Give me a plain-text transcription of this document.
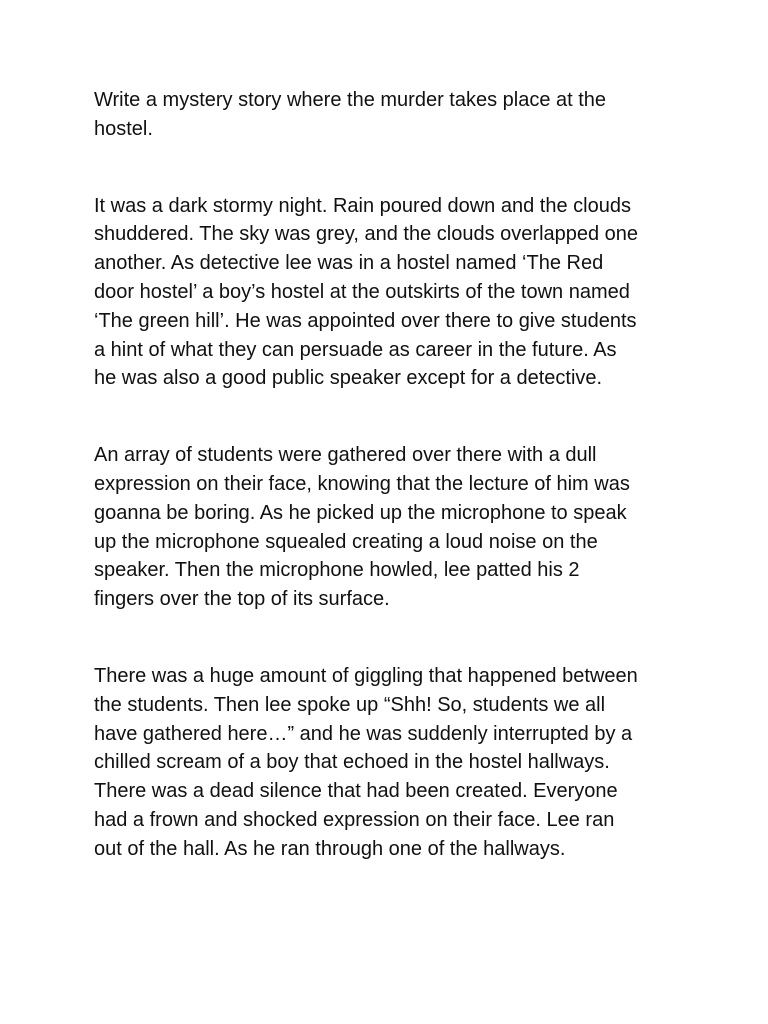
Write a mystery story where the murder takes place at the
hostel.

It was a dark stormy night. Rain poured down and the clouds
shuddered. The sky was grey, and the clouds overlapped one
another. As detective lee was in a hostel named ‘The Red
door hostel’ a boy’s hostel at the outskirts of the town named
‘The green hill’. He was appointed over there to give students
a hint of what they can persuade as career in the future. As
he was also a good public speaker except for a detective.

An array of students were gathered over there with a dull
expression on their face, knowing that the lecture of him was
goanna be boring. As he picked up the microphone to speak
up the microphone squealed creating a loud noise on the
speaker. Then the microphone howled, lee patted his 2
fingers over the top of its surface.

There was a huge amount of giggling that happened between
the students. Then lee spoke up “Shh! So, students we all
have gathered here…” and he was suddenly interrupted by a
chilled scream of a boy that echoed in the hostel hallways.
There was a dead silence that had been created. Everyone
had a frown and shocked expression on their face. Lee ran
out of the hall. As he ran through one of the hallways.
